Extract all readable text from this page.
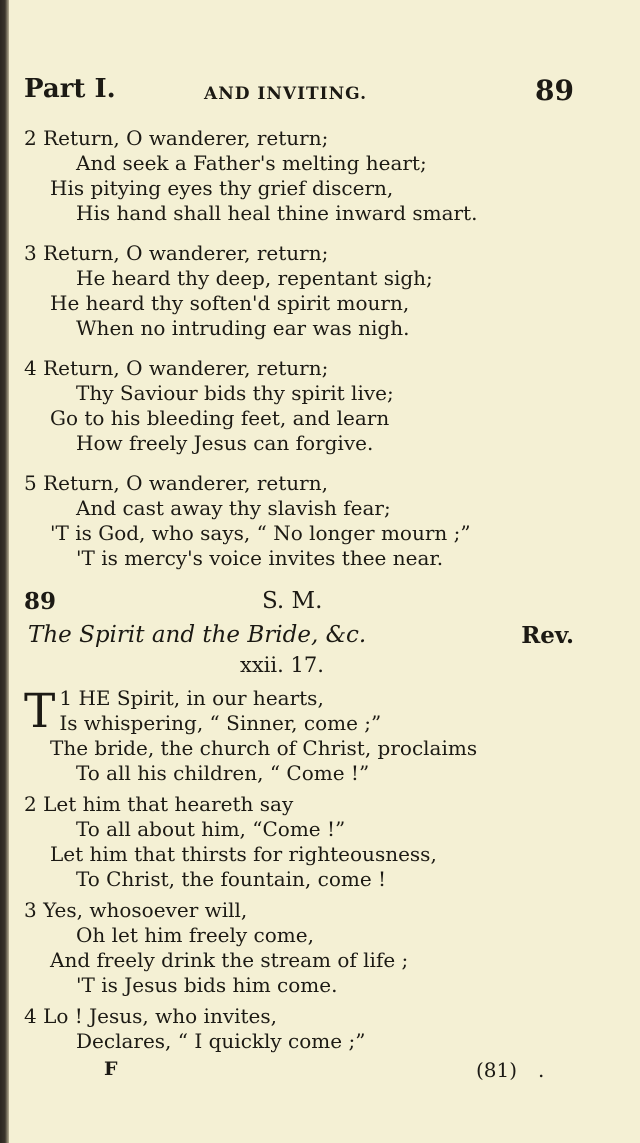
Part I.	AND INVITING.	89
2 Return, O wanderer, return;
And seek a Father's melting heart;
His pitying eyes thy grief discern,
His hand shall heal thine inward smart.
3 Return, O wanderer, return;
He heard thy deep, repentant sigh;
He heard thy soften'd spirit mourn,
When no intruding ear was nigh.
4 Return, O wanderer, return;
Thy Saviour bids thy spirit live;
Go to his bleeding feet, and learn
How freely Jesus can forgive.
5 Return, O wanderer, return,
And cast away thy slavish fear;
'T is God, who says, “ No longer mourn ;”
'T is mercy's voice invites thee near.
89	S. M.
The Spirit and the Bride, &c.	Rev.
xxii. 17.
1
T HE Spirit, in our hearts,
Is whispering, “ Sinner, come ;”
The bride, the church of Christ, proclaims
To all his children, “ Come !”
2 Let him that heareth say
To all about him, “Come !”
Let him that thirsts for righteousness,
To Christ, the fountain, come !
3 Yes, whosoever will,
Oh let him freely come,
And freely drink the stream of life ;
'T is Jesus bids him come.
4 Lo ! Jesus, who invites,
Declares, “ I quickly come ;”
F	(81) .
